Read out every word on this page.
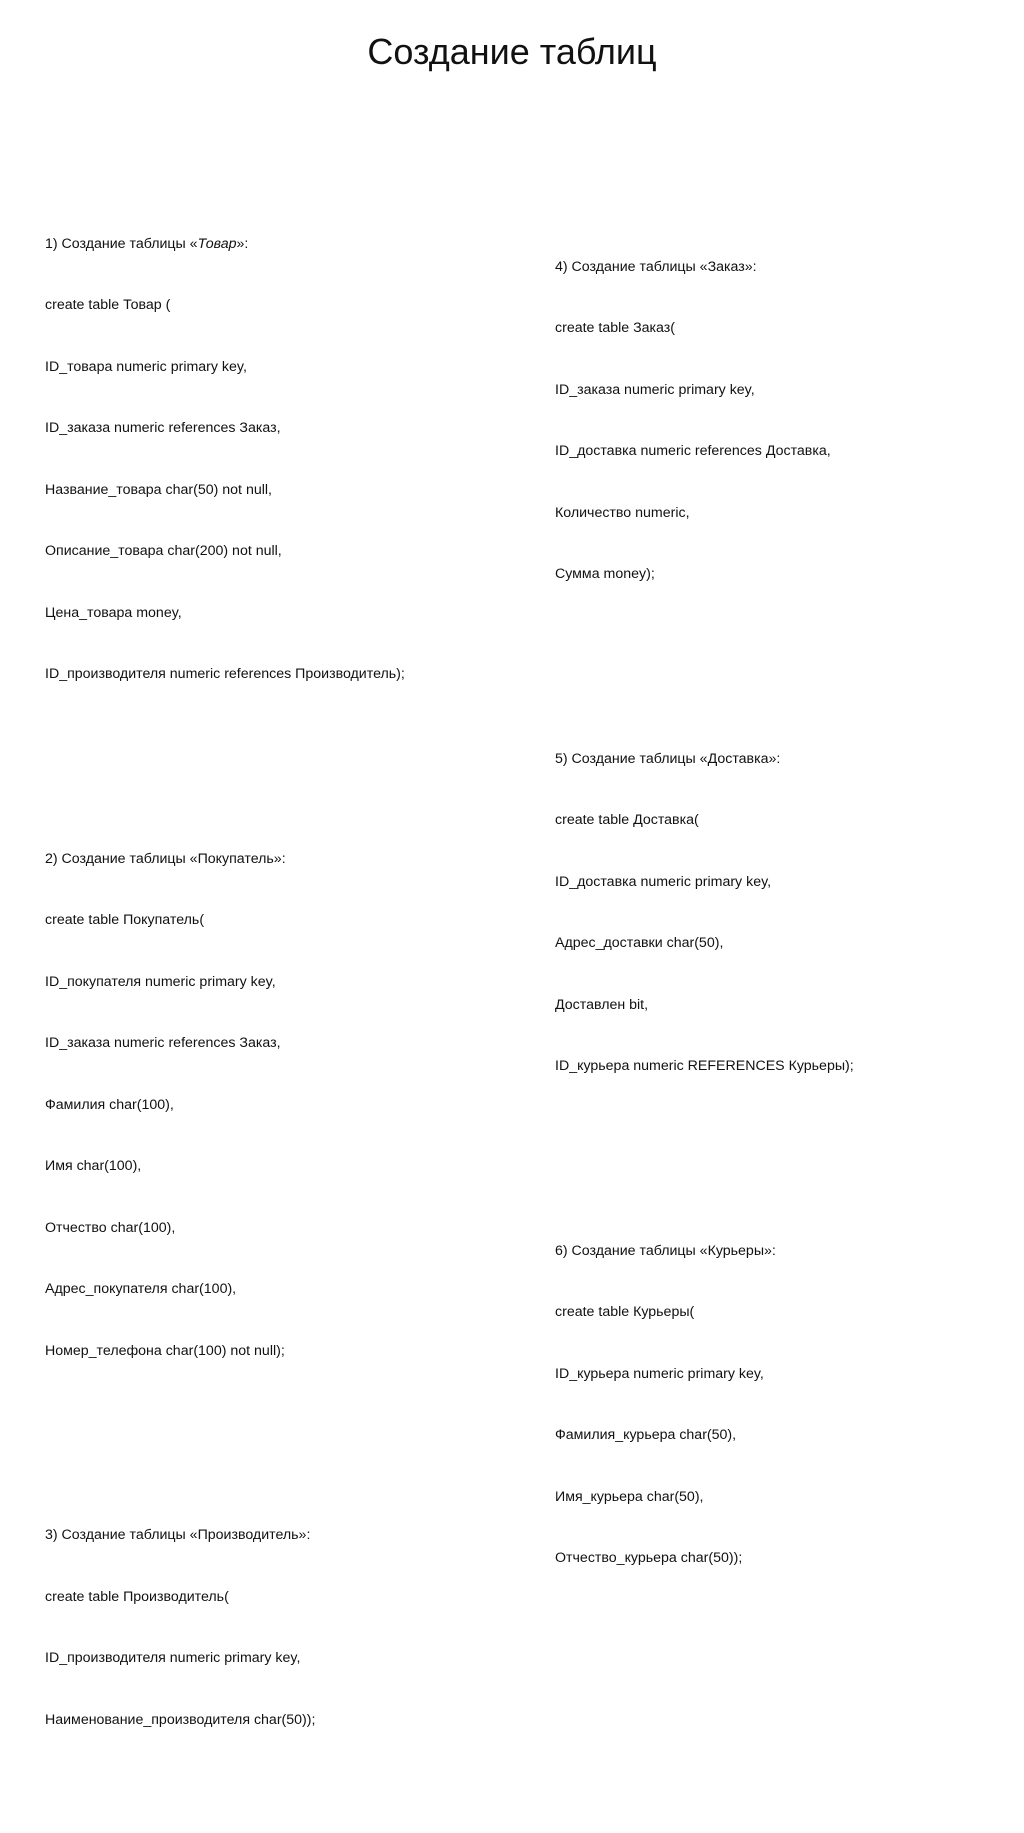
Создание таблиц

1) Создание таблицы «Товар»:

create table Товар (

ID_товара numeric primary key,

ID_заказа numeric references Заказ,

Название_товара char(50) not null,

Описание_товара char(200) not null,

Цена_товара money,

ID_производителя numeric references Производитель);

2) Создание таблицы «Покупатель»:

create table Покупатель(

ID_покупателя numeric primary key,

ID_заказа numeric references Заказ,

Фамилия char(100),

Имя char(100),

Отчество char(100),

Адрес_покупателя char(100),

Номер_телефона char(100) not null);

3) Создание таблицы «Производитель»:

create table Производитель(

ID_производителя numeric primary key,

Наименование_производителя char(50));

4) Создание таблицы «Заказ»:

create table Заказ(

ID_заказа numeric primary key,

ID_доставка numeric references Доставка,

Количество numeric,

Сумма money);

5) Создание таблицы «Доставка»:

create table Доставка(

ID_доставка numeric primary key,

Адрес_доставки char(50),

Доставлен bit,

ID_курьера numeric REFERENCES Курьеры);

6) Создание таблицы «Курьеры»:

create table Курьеры(

ID_курьера numeric primary key,

Фамилия_курьера char(50),

Имя_курьера char(50),

Отчество_курьера char(50));
